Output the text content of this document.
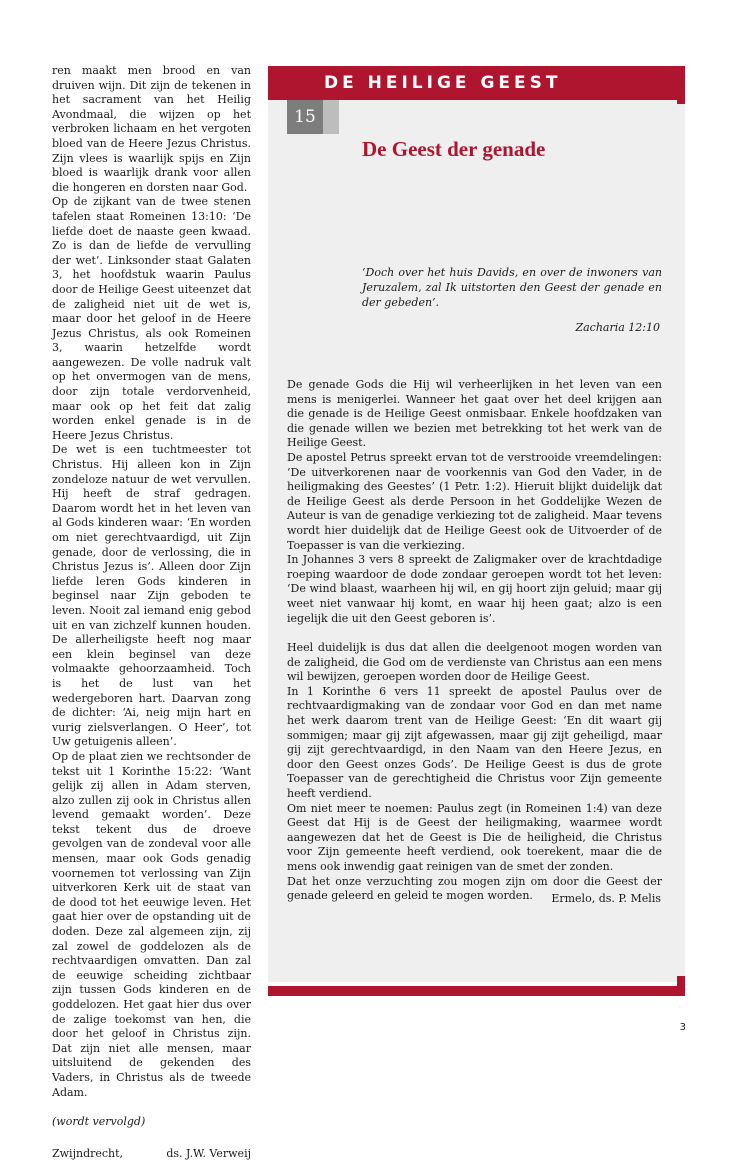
ren maakt men brood en van druiven wijn. Dit zijn de tekenen in het sacrament van het Heilig Avondmaal, die wijzen op het verbroken lichaam en het vergoten bloed van de Heere Jezus Christus. Zijn vlees is waarlijk spijs en Zijn bloed is waarlijk drank voor allen die hongeren en dorsten naar God.

Op de zijkant van de twee stenen tafelen staat Romeinen 13:10: ‘De liefde doet de naaste geen kwaad. Zo is dan de liefde de vervulling der wet’. Linksonder staat Galaten 3, het hoofdstuk waarin Paulus door de Heilige Geest uiteenzet dat de zaligheid niet uit de wet is, maar door het geloof in de Heere Jezus Christus, als ook Romeinen 3, waarin hetzelfde wordt aangewezen. De volle nadruk valt op het onvermogen van de mens, door zijn totale verdorvenheid, maar ook op het feit dat zalig worden enkel genade is in de Heere Jezus Christus.

De wet is een tuchtmeester tot Christus. Hij alleen kon in Zijn zondeloze natuur de wet vervullen. Hij heeft de straf gedragen. Daarom wordt het in het leven van al Gods kinderen waar: ‘En worden om niet gerechtvaardigd, uit Zijn genade, door de verlossing, die in Christus Jezus is’. Alleen door Zijn liefde leren Gods kinderen in beginsel naar Zijn geboden te leven. Nooit zal iemand enig gebod uit en van zichzelf kunnen houden. De allerheiligste heeft nog maar een klein beginsel van deze volmaakte gehoorzaamheid. Toch is het de lust van het wedergeboren hart. Daarvan zong de dichter: ‘Ai, neig mijn hart en vurig zielsverlangen. O Heer’, tot Uw getuigenis alleen’.

Op de plaat zien we rechtsonder de tekst uit 1 Korinthe 15:22: ‘Want gelijk zij allen in Adam sterven, alzo zullen zij ook in Christus allen levend gemaakt worden’. Deze tekst tekent dus de droeve gevolgen van de zondeval voor alle mensen, maar ook Gods genadig voornemen tot verlossing van Zijn uitverkoren Kerk uit de staat van de dood tot het eeuwige leven. Het gaat hier over de opstanding uit de doden. Deze zal algemeen zijn, zij zal zowel de goddelozen als de rechtvaardigen omvatten. Dan zal de eeuwige scheiding zichtbaar zijn tussen Gods kinderen en de goddelozen. Het gaat hier dus over de zalige toekomst van hen, die door het geloof in Christus zijn. Dat zijn niet alle mensen, maar uitsluitend de gekenden des Vaders, in Christus als de tweede Adam.

(wordt vervolgd)

Zwijndrecht,	ds. J.W. Verweij
DE HEILIGE GEEST
15
De Geest der genade
‘Doch over het huis Davids, en over de inwoners van Jeruzalem, zal Ik uitstorten den Geest der genade en der gebeden’.
Zacharia 12:10

De genade Gods die Hij wil verheerlijken in het leven van een mens is menigerlei. Wanneer het gaat over het deel krijgen aan die genade is de Heilige Geest onmisbaar. Enkele hoofdzaken van die genade willen we bezien met betrekking tot het werk van de Heilige Geest.

De apostel Petrus spreekt ervan tot de verstrooide vreemdelingen: ‘De uitverkorenen naar de voorkennis van God den Vader, in de heiligmaking des Geestes’ (1 Petr. 1:2). Hieruit blijkt duidelijk dat de Heilige Geest als derde Persoon in het Goddelijke Wezen de Auteur is van de genadige verkiezing tot de zaligheid. Maar tevens wordt hier duidelijk dat de Heilige Geest ook de Uitvoerder of de Toepasser is van die verkiezing.

In Johannes 3 vers 8 spreekt de Zaligmaker over de krachtdadige roeping waardoor de dode zondaar geroepen wordt tot het leven: ‘De wind blaast, waarheen hij wil, en gij hoort zijn geluid; maar gij weet niet vanwaar hij komt, en waar hij heen gaat; alzo is een iegelijk die uit den Geest geboren is’.

Heel duidelijk is dus dat allen die deelgenoot mogen worden van de zaligheid, die God om de verdienste van Christus aan een mens wil bewijzen, geroepen worden door de Heilige Geest.

In 1 Korinthe 6 vers 11 spreekt de apostel Paulus over de rechtvaardigmaking van de zondaar voor God en dan met name het werk daarom trent van de Heilige Geest: ‘En dit waart gij sommigen; maar gij zijt afgewassen, maar gij zijt geheiligd, maar gij zijt gerechtvaardigd, in den Naam van den Heere Jezus, en door den Geest onzes Gods’. De Heilige Geest is dus de grote Toepasser van de gerechtigheid die Christus voor Zijn gemeente heeft verdiend.

Om niet meer te noemen: Paulus zegt (in Romeinen 1:4) van deze Geest dat Hij is de Geest der heiligmaking, waarmee wordt aangewezen dat het de Geest is Die de heiligheid, die Christus voor Zijn gemeente heeft verdiend, ook toerekent, maar die de mens ook inwendig gaat reinigen van de smet der zonden.

Dat het onze verzuchting zou mogen zijn om door die Geest der genade geleerd en geleid te mogen worden.	Ermelo, ds. P. Melis
3
